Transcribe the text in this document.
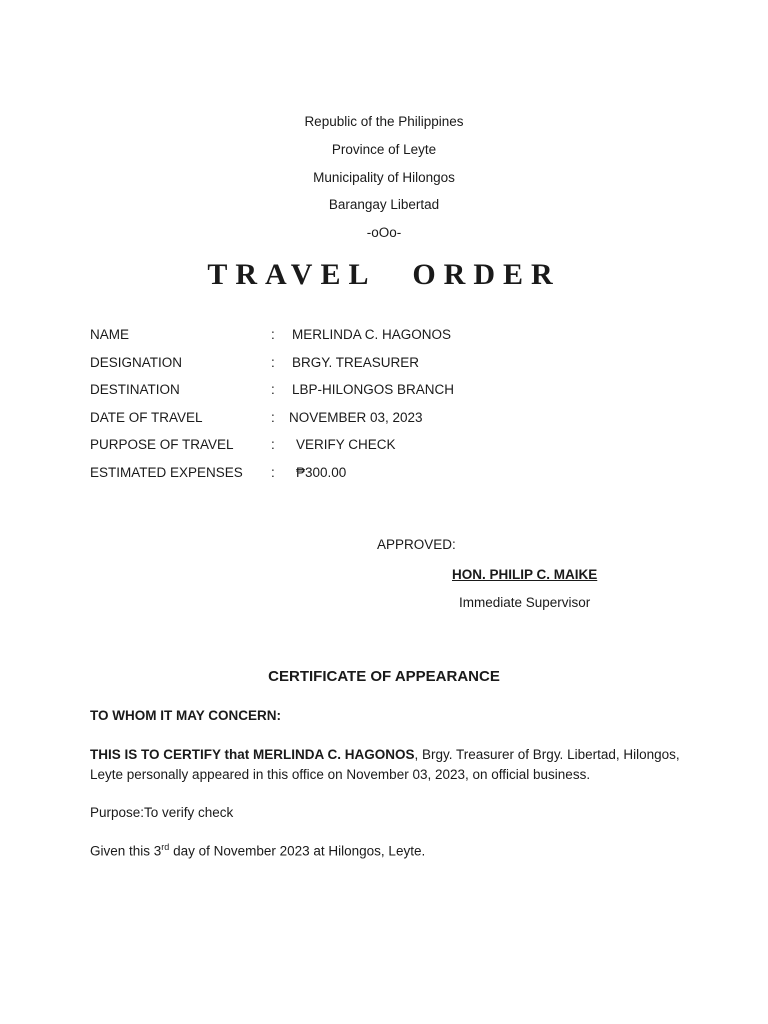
Republic of the Philippines
Province of Leyte
Municipality of Hilongos
Barangay Libertad
-oOo-
TRAVEL ORDER
NAME	: MERLINDA C. HAGONOS
DESIGNATION	: BRGY. TREASURER
DESTINATION	: LBP-HILONGOS BRANCH
DATE OF TRAVEL	: NOVEMBER 03, 2023
PURPOSE OF TRAVEL	: VERIFY CHECK
ESTIMATED EXPENSES : ₱300.00
APPROVED:
HON. PHILIP C. MAIKE
Immediate Supervisor
CERTIFICATE OF APPEARANCE
TO WHOM IT MAY CONCERN:
THIS IS TO CERTIFY that MERLINDA C. HAGONOS, Brgy. Treasurer of Brgy. Libertad, Hilongos, Leyte personally appeared in this office on November 03, 2023, on official business.
Purpose:To verify check
Given this 3rd day of November 2023 at Hilongos, Leyte.
